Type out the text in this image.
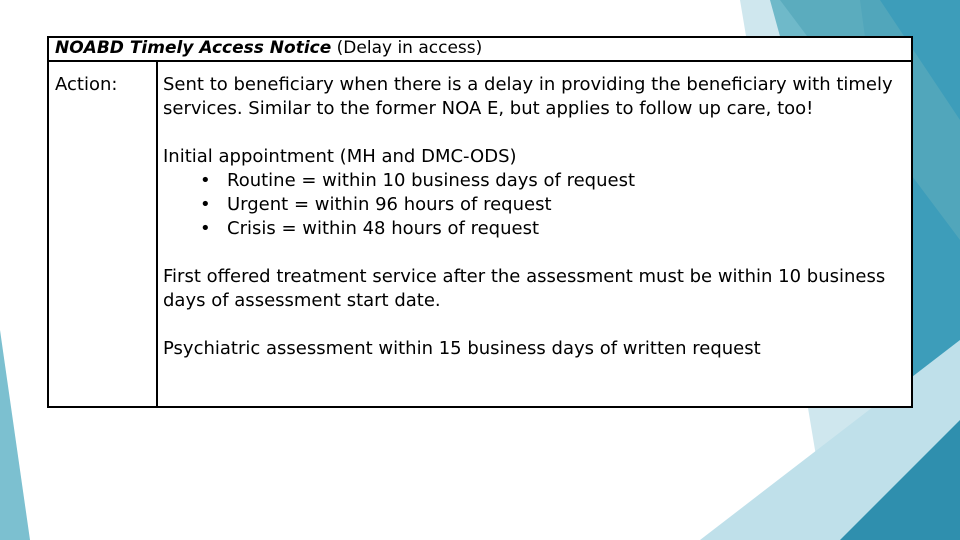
NOABD Timely Access Notice (Delay in access)
Action:	Sent to beneficiary when there is a delay in providing the beneficiary with timely services. Similar to the former NOA E, but applies to follow up care, too!

Initial appointment (MH and DMC-ODS)

• Routine = within 10 business days of request
• Urgent = within 96 hours of request
• Crisis = within 48 hours of request

First offered treatment service after the assessment must be within 10 business days of assessment start date.

Psychiatric assessment within 15 business days of written request
